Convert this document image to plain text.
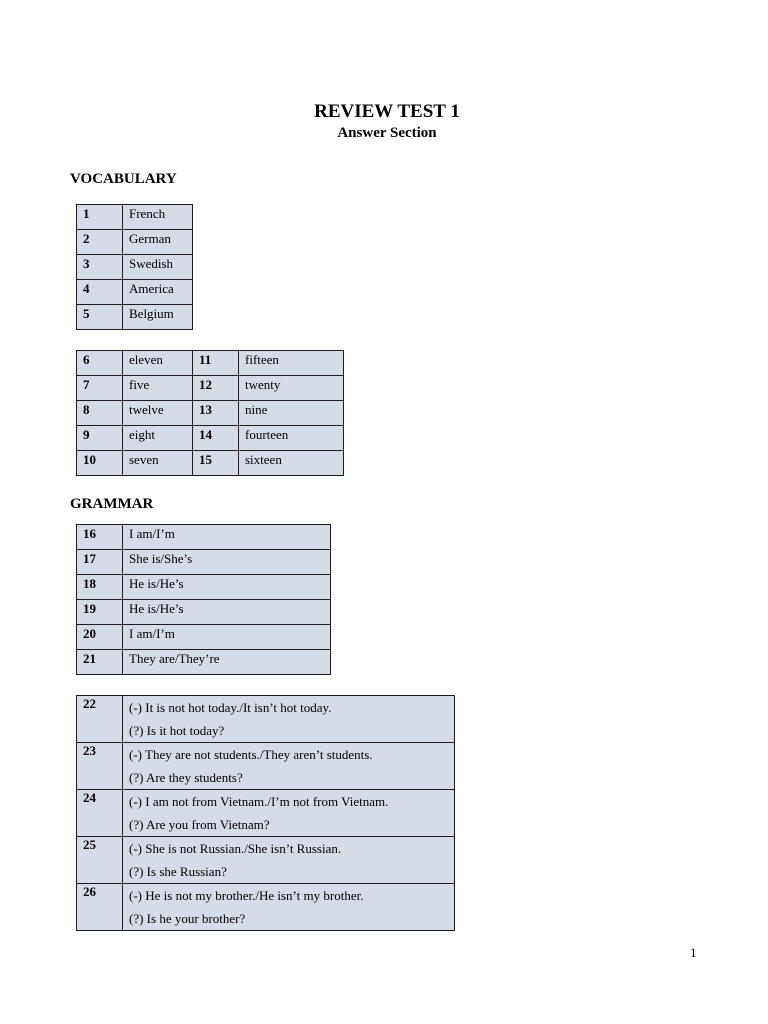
REVIEW TEST 1
Answer Section
VOCABULARY
1	French
2	German
3	Swedish
4	America
5	Belgium
6	eleven	11	fifteen
7	five	12	twenty
8	twelve	13	nine
9	eight	14	fourteen
10	seven	15	sixteen
GRAMMAR
16	I am/I’m
17	She is/She’s
18	He is/He’s
19	He is/He’s
20	I am/I’m
21	They are/They’re
22	(-) It is not hot today./It isn’t hot today.
(?) Is it hot today?

23	(-) They are not students./They aren’t students.
(?) Are they students?

24	(-) I am not from Vietnam./I’m not from Vietnam.
(?) Are you from Vietnam?

25	(-) She is not Russian./She isn’t Russian.
(?) Is she Russian?

26	(-) He is not my brother./He isn’t my brother.
(?) Is he your brother?
1
